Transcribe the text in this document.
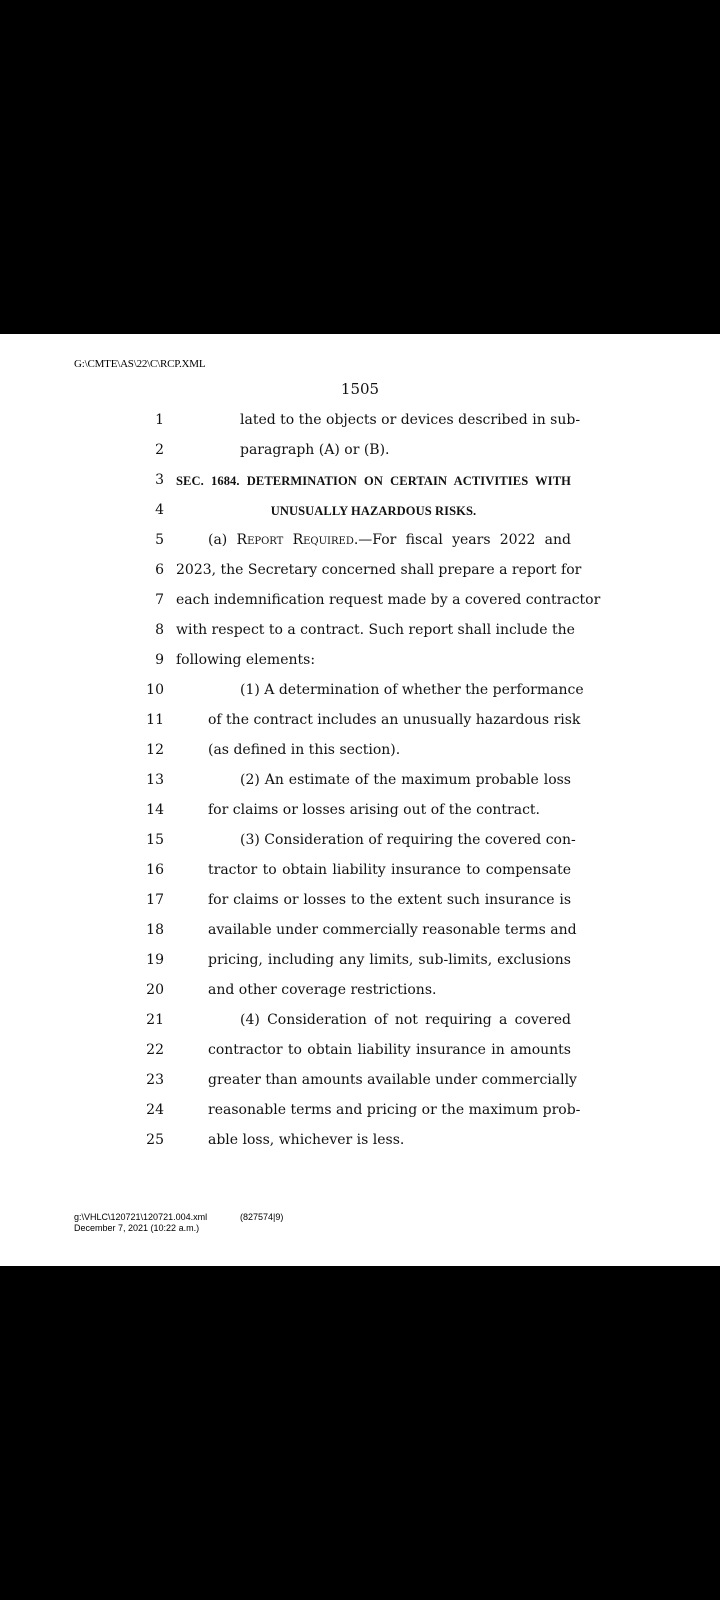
G:\CMTE\AS\22\C\RCP.XML
1505
1	lated to the objects or devices described in sub-
2	paragraph (A) or (B).
3 SEC. 1684. DETERMINATION ON CERTAIN ACTIVITIES WITH
4	UNUSUALLY HAZARDOUS RISKS.
5	(a) Report Required.—For fiscal years 2022 and
6 2023, the Secretary concerned shall prepare a report for
7 each indemnification request made by a covered contractor
8 with respect to a contract. Such report shall include the
9 following elements:
10	(1) A determination of whether the performance
11	of the contract includes an unusually hazardous risk
12	(as defined in this section).
13	(2) An estimate of the maximum probable loss
14	for claims or losses arising out of the contract.
15	(3) Consideration of requiring the covered con-
16	tractor to obtain liability insurance to compensate
17	for claims or losses to the extent such insurance is
18	available under commercially reasonable terms and
19	pricing, including any limits, sub-limits, exclusions
20	and other coverage restrictions.
21	(4) Consideration of not requiring a covered
22	contractor to obtain liability insurance in amounts
23	greater than amounts available under commercially
24	reasonable terms and pricing or the maximum prob-
25	able loss, whichever is less.
g:\VHLC\120721\120721.004.xml	(827574|9)
December 7, 2021 (10:22 a.m.)
